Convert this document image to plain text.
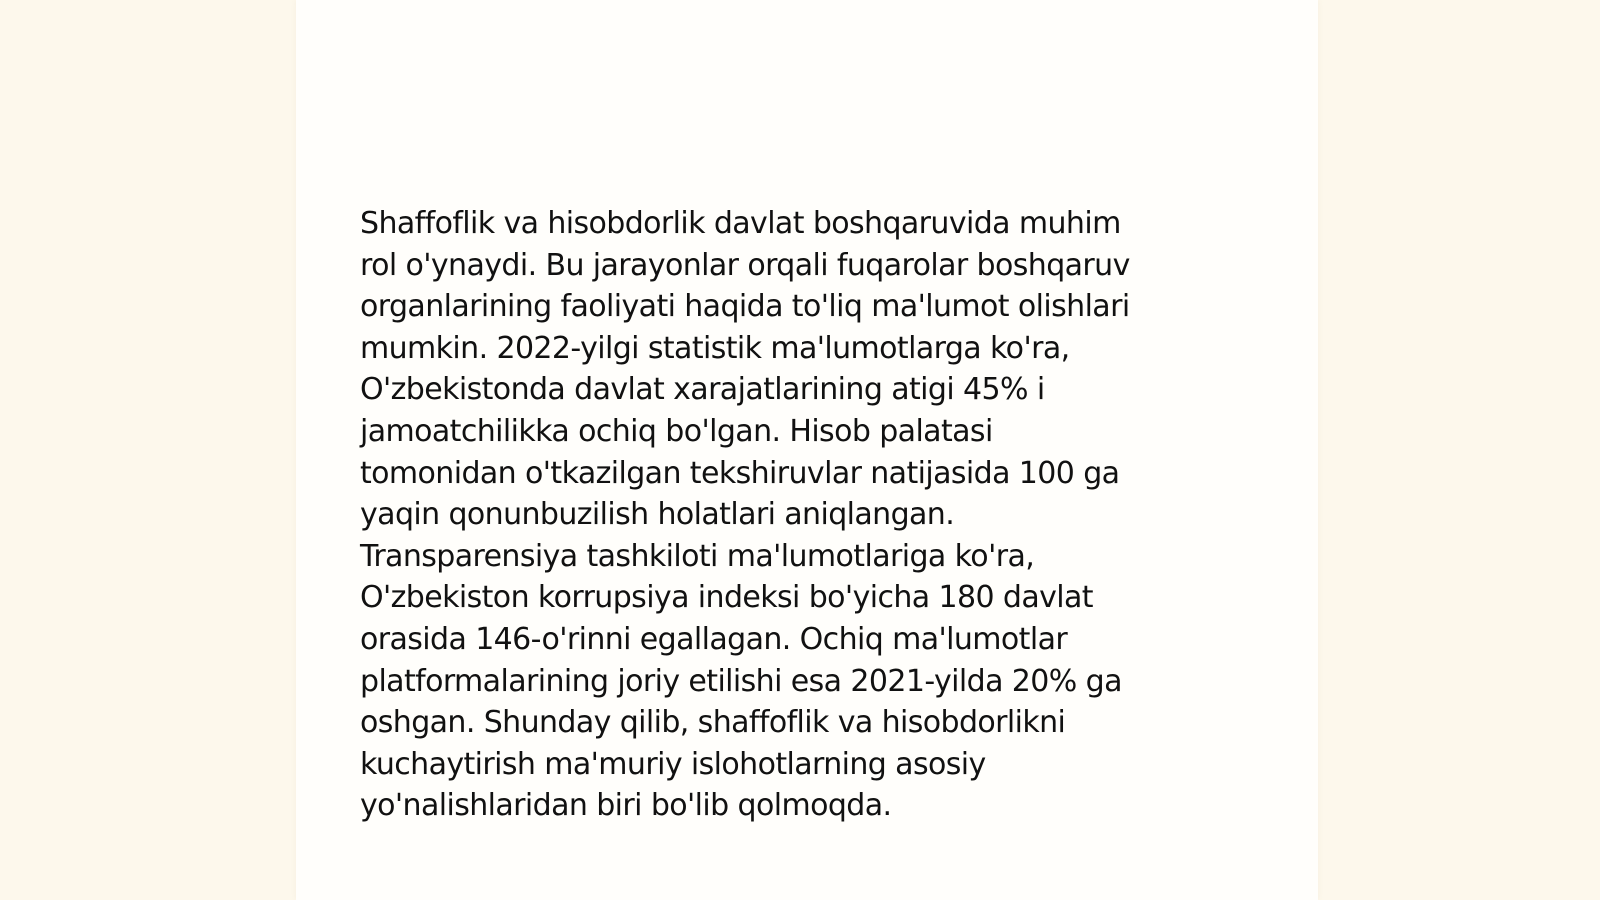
Shaffoflik va hisobdorlik davlat boshqaruvida muhim
rol o'ynaydi. Bu jarayonlar orqali fuqarolar boshqaruv
organlarining faoliyati haqida to'liq ma'lumot olishlari
mumkin. 2022-yilgi statistik ma'lumotlarga ko'ra,
O'zbekistonda davlat xarajatlarining atigi 45% i
jamoatchilikka ochiq bo'lgan. Hisob palatasi
tomonidan o'tkazilgan tekshiruvlar natijasida 100 ga
yaqin qonunbuzilish holatlari aniqlangan.
Transparensiya tashkiloti ma'lumotlariga ko'ra,
O'zbekiston korrupsiya indeksi bo'yicha 180 davlat
orasida 146-o'rinni egallagan. Ochiq ma'lumotlar
platformalarining joriy etilishi esa 2021-yilda 20% ga
oshgan. Shunday qilib, shaffoflik va hisobdorlikni
kuchaytirish ma'muriy islohotlarning asosiy
yo'nalishlaridan biri bo'lib qolmoqda.
